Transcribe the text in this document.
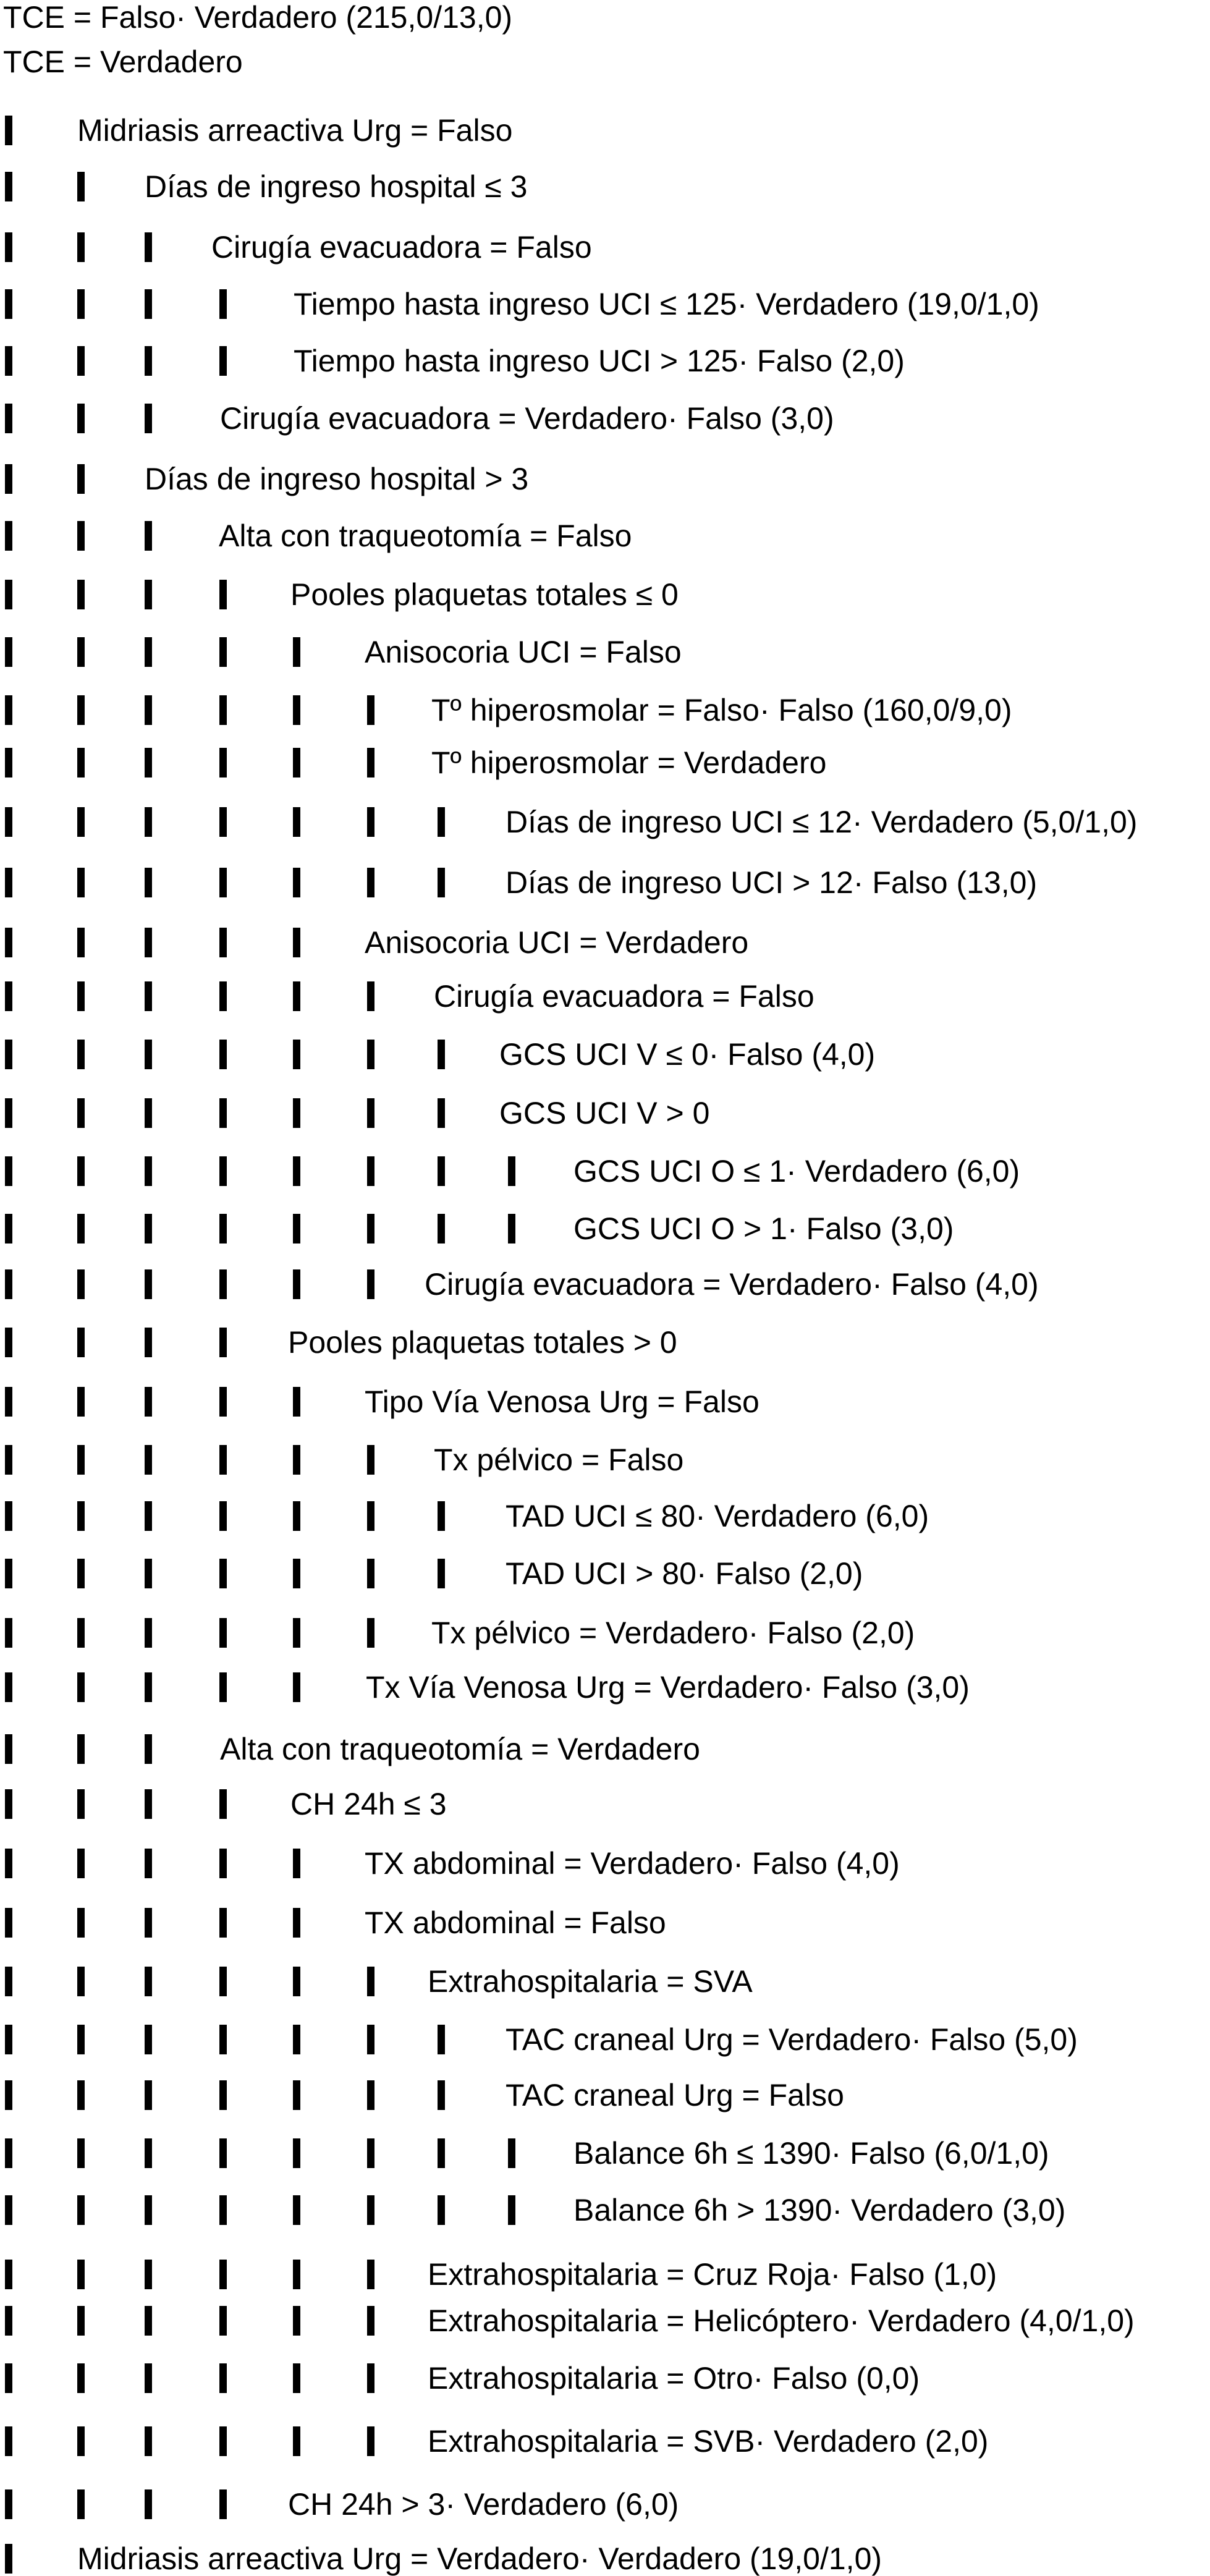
TCE = Falso· Verdadero (215,0/13,0)
TCE = Verdadero
Midriasis arreactiva Urg = Falso
Días de ingreso hospital ≤ 3
Cirugía evacuadora = Falso
Tiempo hasta ingreso UCI ≤ 125· Verdadero (19,0/1,0)
Tiempo hasta ingreso UCI > 125· Falso (2,0)
Cirugía evacuadora = Verdadero· Falso (3,0)
Días de ingreso hospital > 3
Alta con traqueotomía = Falso
Pooles plaquetas totales ≤ 0
Anisocoria UCI = Falso
Tº hiperosmolar = Falso· Falso (160,0/9,0)
Tº hiperosmolar = Verdadero
Días de ingreso UCI ≤ 12· Verdadero (5,0/1,0)
Días de ingreso UCI > 12· Falso (13,0)
Anisocoria UCI = Verdadero
Cirugía evacuadora = Falso
GCS UCI V ≤ 0· Falso (4,0)
GCS UCI V > 0
GCS UCI O ≤ 1· Verdadero (6,0)
GCS UCI O > 1· Falso (3,0)
Cirugía evacuadora = Verdadero· Falso (4,0)
Pooles plaquetas totales > 0
Tipo Vía Venosa Urg = Falso
Tx pélvico = Falso
TAD UCI ≤ 80· Verdadero (6,0)
TAD UCI > 80· Falso (2,0)
Tx pélvico = Verdadero· Falso (2,0)
Tx Vía Venosa Urg = Verdadero· Falso (3,0)
Alta con traqueotomía = Verdadero
CH 24h ≤ 3
TX abdominal = Verdadero· Falso (4,0)
TX abdominal = Falso
Extrahospitalaria = SVA
TAC craneal Urg = Verdadero· Falso (5,0)
TAC craneal Urg = Falso
Balance 6h ≤ 1390· Falso (6,0/1,0)
Balance 6h > 1390· Verdadero (3,0)
Extrahospitalaria = Cruz Roja· Falso (1,0)
Extrahospitalaria = Helicóptero· Verdadero (4,0/1,0)
Extrahospitalaria = Otro· Falso (0,0)
Extrahospitalaria = SVB· Verdadero (2,0)
CH 24h > 3· Verdadero (6,0)
Midriasis arreactiva Urg = Verdadero· Verdadero (19,0/1,0)
